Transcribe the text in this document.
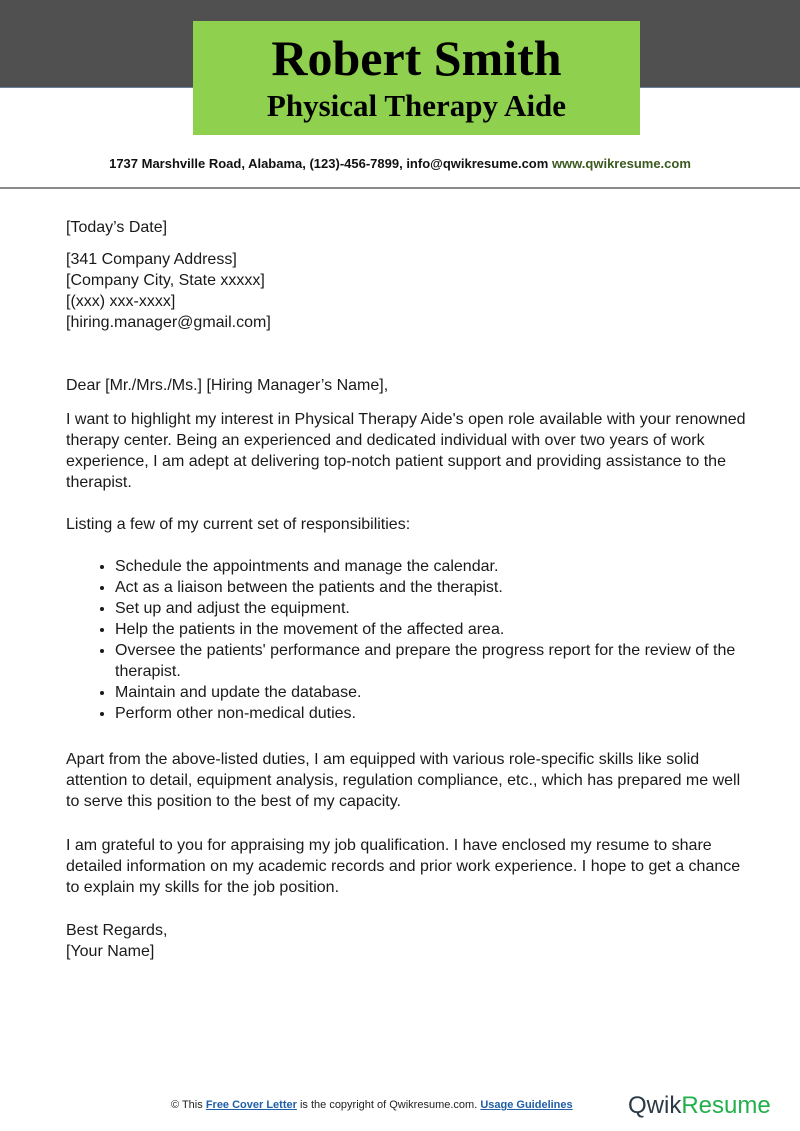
Robert Smith
Physical Therapy Aide
1737 Marshville Road, Alabama, (123)-456-7899, info@qwikresume.com www.qwikresume.com
[Today’s Date]
[341 Company Address]
[Company City, State xxxxx]
[(xxx) xxx-xxxx]
[hiring.manager@gmail.com]
Dear [Mr./Mrs./Ms.] [Hiring Manager’s Name],
I want to highlight my interest in Physical Therapy Aide's open role available with your renowned therapy center. Being an experienced and dedicated individual with over two years of work experience, I am adept at delivering top-notch patient support and providing assistance to the therapist.
Listing a few of my current set of responsibilities:
• Schedule the appointments and manage the calendar.
• Act as a liaison between the patients and the therapist.
• Set up and adjust the equipment.
• Help the patients in the movement of the affected area.
• Oversee the patients' performance and prepare the progress report for the review of the therapist.
• Maintain and update the database.
• Perform other non-medical duties.
Apart from the above-listed duties, I am equipped with various role-specific skills like solid attention to detail, equipment analysis, regulation compliance, etc., which has prepared me well to serve this position to the best of my capacity.
I am grateful to you for appraising my job qualification. I have enclosed my resume to share detailed information on my academic records and prior work experience. I hope to get a chance to explain my skills for the job position.
Best Regards,
[Your Name]
© This Free Cover Letter is the copyright of Qwikresume.com. Usage Guidelines QwikResume
